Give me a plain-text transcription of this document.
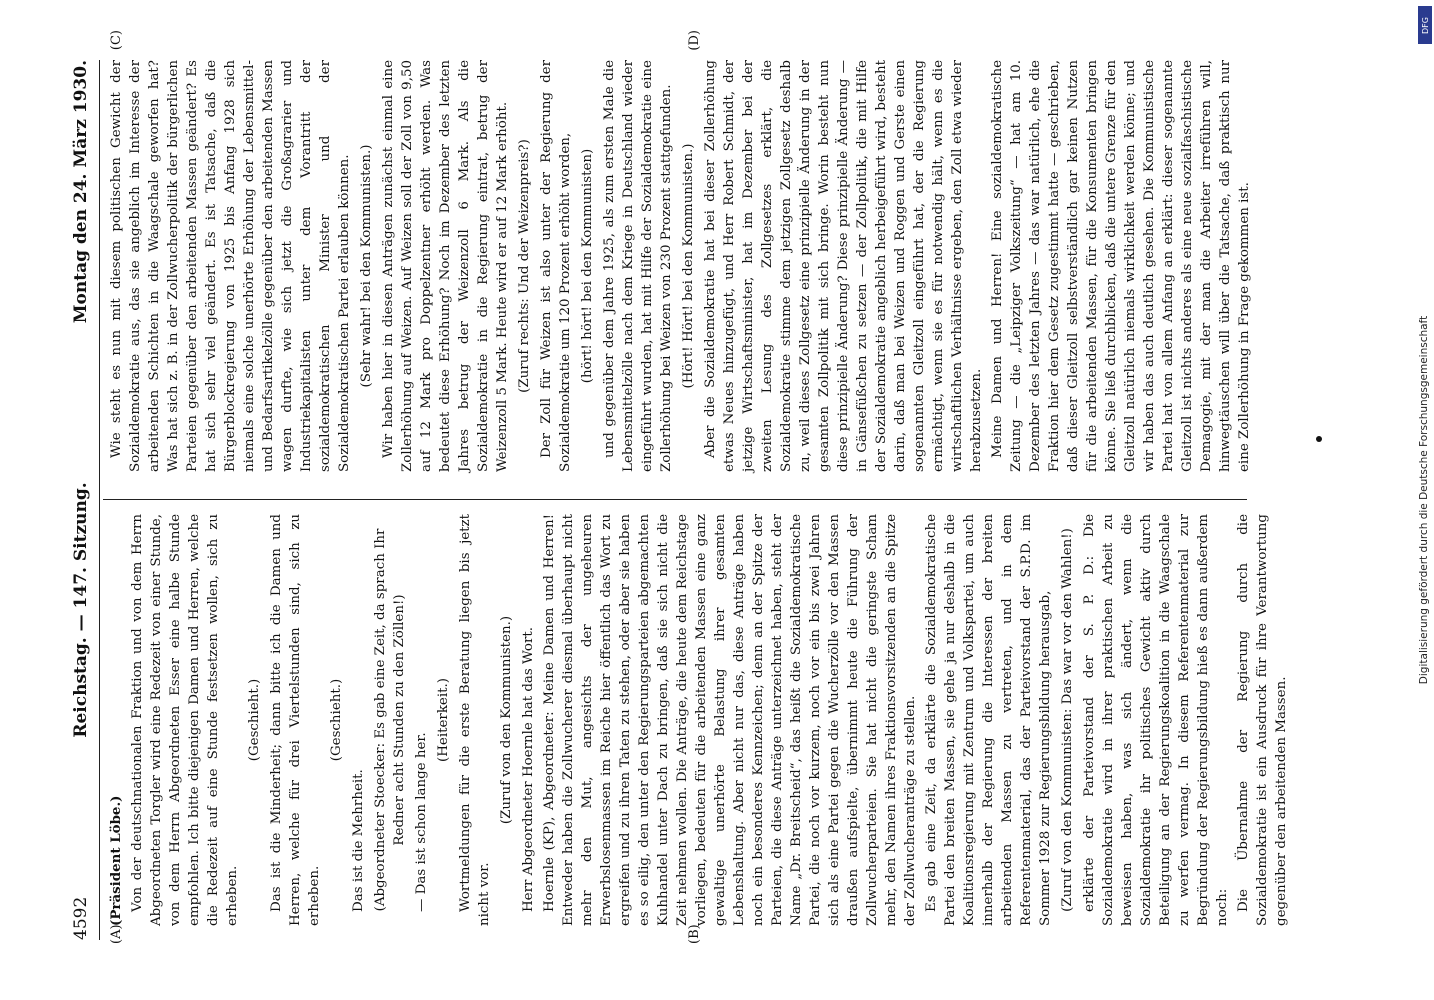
4592
Reichstag. — 147. Sitzung.
Montag den 24. März 1930.
(A)	(B)
(C)	(D)

(Präsident Löbe.) Von der deutschnationalen Fraktion und von dem Herrn Abgeordneten Torgler wird eine Redezeit von einer Stunde, von dem Herrn Abgeordneten Esser eine halbe Stunde empfohlen. Ich bitte diejenigen Damen und Herren, welche die Redezeit auf eine Stunde festsetzen wollen, sich zu erheben.

(Geschieht.) Das ist die Minderheit; dann bitte ich die Damen und Herren, welche für drei Viertelstunden sind, sich zu erheben.

(Geschieht.)

Das ist die Mehrheit. (Abgeordneter Stoecker: Es gab eine Zeit, da sprach Ihr Redner acht Stunden zu den Zöllen!) — Das ist schon lange her.

(Heiterkeit.) Wortmeldungen für die erste Beratung liegen bis jetzt nicht vor.

(Zuruf von den Kommunisten.) Herr Abgeordneter Hoernle hat das Wort. Hoernle (KP), Abgeordneter: Meine Damen und Herren! Entweder haben die Zollwucherer diesmal überhaupt nicht mehr den Mut, angesichts der ungeheuren Erwerbslosenmassen im Reiche hier öffentlich das Wort zu ergreifen und zu ihren Taten zu stehen, oder aber sie haben es so eilig, den unter den Regierungsparteien abgemachten Kuhhandel unter Dach zu bringen, daß sie sich nicht die Zeit nehmen wollen. Die Anträge, die heute dem Reichstage vorliegen, bedeuten für die arbeitenden Massen eine ganz gewaltige unerhörte Belastung ihrer gesamten Lebenshaltung. Aber nicht nur das, diese Anträge haben noch ein besonderes Kennzeichen; denn an der Spitze der Parteien, die diese Anträge unterzeichnet haben, steht der Name „Dr. Breitscheid“, das heißt die Sozialdemokratische Partei, die noch vor kurzem, noch vor ein bis zwei Jahren sich als eine Partei gegen die Wucherzölle vor den Massen draußen aufspielte, übernimmt heute die Führung der Zollwucherparteien. Sie hat nicht die geringste Scham mehr, den Namen ihres Fraktionsvorsitzenden an die Spitze der Zollwucheranträge zu stellen. Es gab eine Zeit, da erklärte die Sozialdemokratische Partei den breiten Massen, sie gehe ja nur deshalb in die Koalitionsregierung mit Zentrum und Volkspartei, um auch innerhalb der Regierung die Interessen der breiten arbeitenden Massen zu vertreten, und in dem Referentenmaterial, das der Parteivorstand der S.P.D. im Sommer 1928 zur Regierungsbildung herausgab, (Zuruf von den Kommunisten: Das war vor den Wahlen!) erklärte der Parteivorstand der S. P. D.: Die Sozialdemokratie wird in ihrer praktischen Arbeit zu beweisen haben, was sich ändert, wenn die Sozialdemokratie ihr politisches Gewicht aktiv durch Beteiligung an der Regierungskoalition in die Waagschale zu werfen vermag. In diesem Referentenmaterial zur Begründung der Regierungsbildung hieß es dann außerdem noch: Die Übernahme der Regierung durch die Sozialdemokratie ist ein Ausdruck für ihre Verantwortung gegenüber den arbeitenden Massen.

Wie steht es nun mit diesem politischen Gewicht der Sozialdemokratie aus, das sie angeblich im Interesse der arbeitenden Schichten in die Waagschale geworfen hat? Was hat sich z. B. in der Zollwucherpolitik der bürgerlichen Parteien gegenüber den arbeitenden Massen geändert? Es hat sich sehr viel geändert. Es ist Tatsache, daß die Bürgerblockregierung von 1925 bis Anfang 1928 sich niemals eine solche unerhörte Erhöhung der Lebensmittel- und Bedarfsartikelzölle gegenüber den arbeitenden Massen wagen durfte, wie sich jetzt die Großagrarier und Industriekapitalisten unter dem Vorantritt der sozialdemokratischen Minister und der Sozialdemokratischen Partei erlauben können. (Sehr wahr! bei den Kommunisten.) Wir haben hier in diesen Anträgen zunächst einmal eine Zollerhöhung auf Weizen. Auf Weizen soll der Zoll von 9,50 auf 12 Mark pro Doppelzentner erhöht werden. Was bedeutet diese Erhöhung? Noch im Dezember des letzten Jahres betrug der Weizenzoll 6 Mark. Als die Sozialdemokratie in die Regierung eintrat, betrug der Weizenzoll 5 Mark. Heute wird er auf 12 Mark erhöht. (Zuruf rechts: Und der Weizenpreis?) Der Zoll für Weizen ist also unter der Regierung der Sozialdemokratie um 120 Prozent erhöht worden, (hört! hört! bei den Kommunisten) und gegenüber dem Jahre 1925, als zum ersten Male die Lebensmittelzölle nach dem Kriege in Deutschland wieder eingeführt wurden, hat mit Hilfe der Sozialdemokratie eine Zollerhöhung bei Weizen von 230 Prozent stattgefunden. (Hört! Hört! bei den Kommunisten.) Aber die Sozialdemokratie hat bei dieser Zollerhöhung etwas Neues hinzugefügt, und Herr Robert Schmidt, der jetzige Wirtschaftsminister, hat im Dezember bei der zweiten Lesung des Zollgesetzes erklärt, die Sozialdemokratie stimme dem jetzigen Zollgesetz deshalb zu, weil dieses Zollgesetz eine prinzipielle Änderung in der gesamten Zollpolitik mit sich bringe. Worin besteht nun diese prinzipielle Änderung? Diese prinzipielle Änderung — in Gänsefüßchen zu setzen — der Zollpolitik, die mit Hilfe der Sozialdemokratie angeblich herbeigeführt wird, besteht darin, daß man bei Weizen und Roggen und Gerste einen sogenannten Gleitzoll eingeführt hat, der die Regierung ermächtigt, wenn sie es für notwendig hält, wenn es die wirtschaftlichen Verhältnisse ergeben, den Zoll etwa wieder herabzusetzen. Meine Damen und Herren! Eine sozialdemokratische Zeitung — die „Leipziger Volkszeitung“ — hat am 10. Dezember des letzten Jahres — das war natürlich, ehe die Fraktion hier dem Gesetz zugestimmt hatte — geschrieben, daß dieser Gleitzoll selbstverständlich gar keinen Nutzen für die arbeitenden Massen, für die Konsumenten bringen könne. Sie ließ durchblicken, daß die untere Grenze für den Gleitzoll natürlich niemals wirklichkeit werden könne; und wir haben das auch deutlich gesehen. Die Kommunistische Partei hat von allem Anfang an erklärt: dieser sogenannte Gleitzoll ist nichts anderes als eine neue sozialfaschistische Demagogie, mit der man die Arbeiter irreführen will, hinwegtäuschen will über die Tatsache, daß praktisch nur eine Zollerhöhung in Frage gekommen ist.

DFG
Digitalisierung gefördert durch die Deutsche Forschungsgemeinschaft
